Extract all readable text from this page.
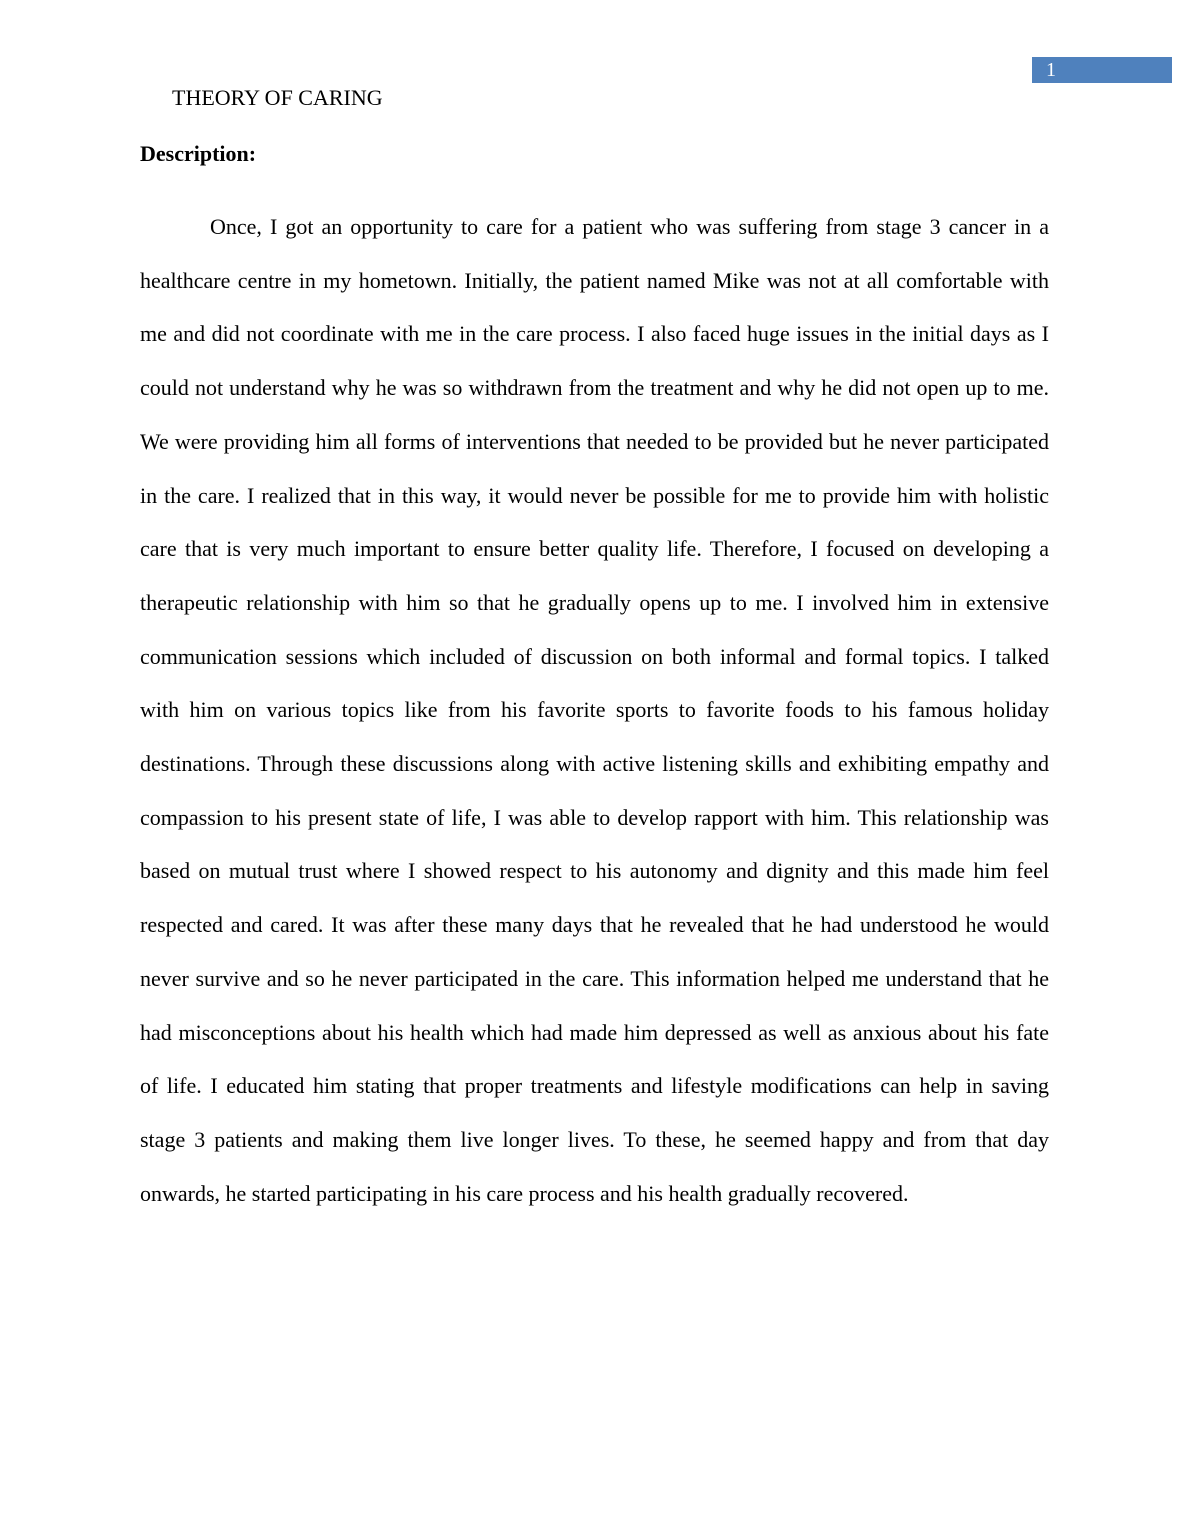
1
THEORY OF CARING
Description:

Once, I got an opportunity to care for a patient who was suffering from stage 3 cancer in a healthcare centre in my hometown. Initially, the patient named Mike was not at all comfortable with me and did not coordinate with me in the care process. I also faced huge issues in the initial days as I could not understand why he was so withdrawn from the treatment and why he did not open up to me. We were providing him all forms of interventions that needed to be provided but he never participated in the care. I realized that in this way, it would never be possible for me to provide him with holistic care that is very much important to ensure better quality life. Therefore, I focused on developing a therapeutic relationship with him so that he gradually opens up to me. I involved him in extensive communication sessions which included of discussion on both informal and formal topics. I talked with him on various topics like from his favorite sports to favorite foods to his famous holiday destinations. Through these discussions along with active listening skills and exhibiting empathy and compassion to his present state of life, I was able to develop rapport with him. This relationship was based on mutual trust where I showed respect to his autonomy and dignity and this made him feel respected and cared. It was after these many days that he revealed that he had understood he would never survive and so he never participated in the care. This information helped me understand that he had misconceptions about his health which had made him depressed as well as anxious about his fate of life. I educated him stating that proper treatments and lifestyle modifications can help in saving stage 3 patients and making them live longer lives. To these, he seemed happy and from that day onwards, he started participating in his care process and his health gradually recovered.
